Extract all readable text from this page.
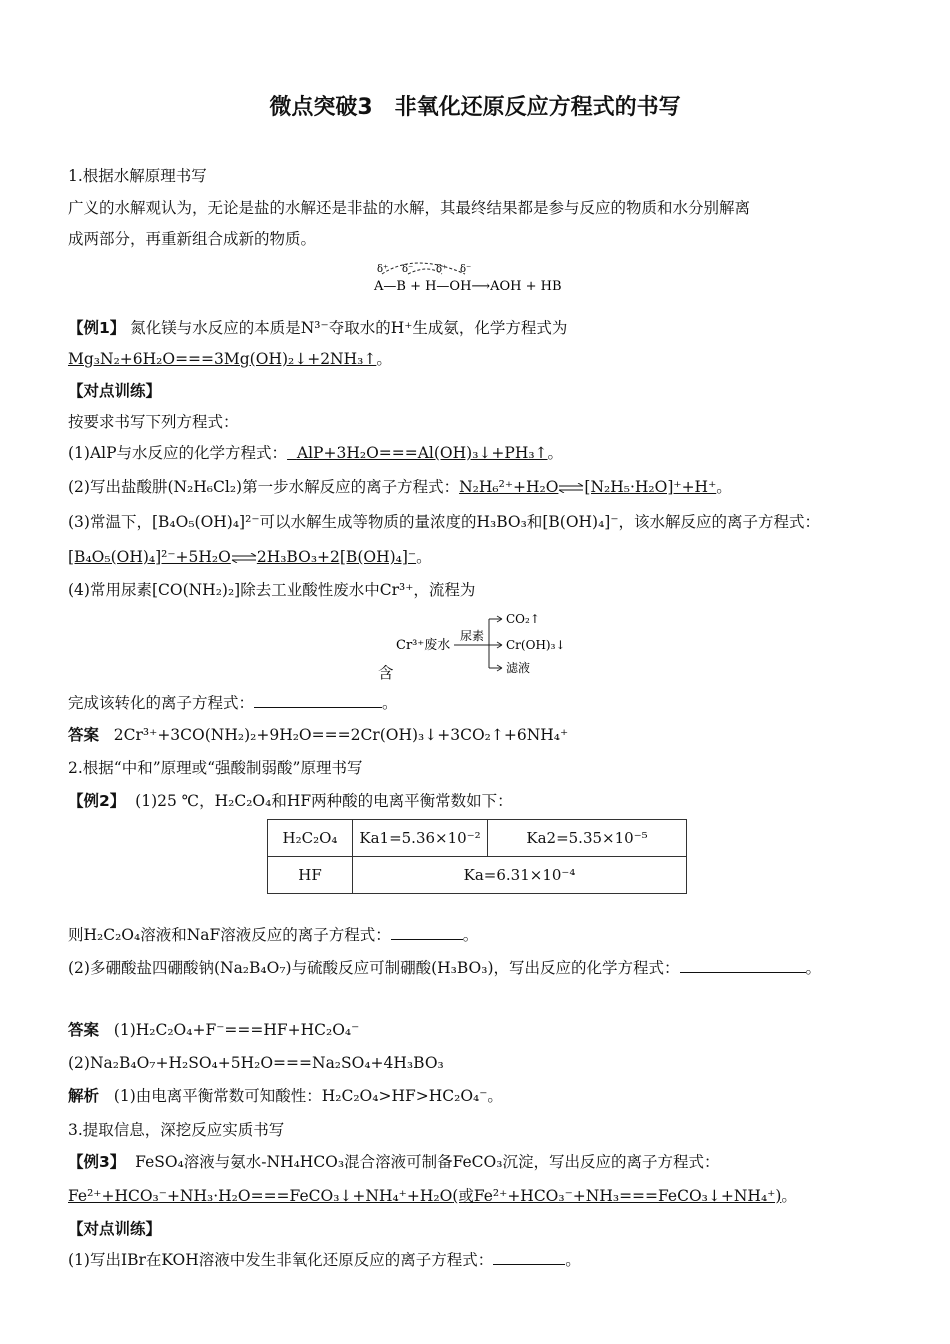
微点突破3　非氧化还原反应方程式的书写
1.根据水解原理书写
广义的水解观认为，无论是盐的水解还是非盐的水解，其最终结果都是参与反应的物质和水分别解离
成两部分，再重新组合成新的物质。
δ⁺ δ⁻ δ⁺ δ⁻
A—B + H—OH⟶AOH + HB
【例1】 氮化镁与水反应的本质是N³⁻夺取水的H⁺生成氨，化学方程式为
Mg₃N₂+6H₂O===3Mg(OH)₂↓+2NH₃↑。
【对点训练】
按要求书写下列方程式：
(1)AlP与水反应的化学方程式： AlP+3H₂O===Al(OH)₃↓+PH₃↑。
(2)写出盐酸肼(N₂H₆Cl₂)第一步水解反应的离子方程式：N₂H₆²⁺+H₂O⇌[N₂H₅·H₂O]⁺+H⁺。
(3)常温下，[B₄O₅(OH)₄]²⁻可以水解生成等物质的量浓度的H₃BO₃和[B(OH)₄]⁻，该水解反应的离子方程式：
[B₄O₅(OH)₄]²⁻+5H₂O⇌2H₃BO₃+2[B(OH)₄]⁻。
(4)常用尿素[CO(NH₂)₂]除去工业酸性废水中Cr³⁺，流程为
Cr³⁺废水
尿素
CO₂↑
Cr(OH)₃↓
滤液
含
完成该转化的离子方程式：	。
答案 2Cr³⁺+3CO(NH₂)₂+9H₂O===2Cr(OH)₃↓+3CO₂↑+6NH₄⁺
2.根据“中和”原理或“强酸制弱酸”原理书写
【例2】 (1)25 ℃，H₂C₂O₄和HF两种酸的电离平衡常数如下：
H₂C₂O₄	Ka1=5.36×10⁻²	Ka2=5.35×10⁻⁵
HF	Ka=6.31×10⁻⁴	
则H₂C₂O₄溶液和NaF溶液反应的离子方程式：	。
(2)多硼酸盐四硼酸钠(Na₂B₄O₇)与硫酸反应可制硼酸(H₃BO₃)，写出反应的化学方程式：	。
答案 (1)H₂C₂O₄+F⁻===HF+HC₂O₄⁻
(2)Na₂B₄O₇+H₂SO₄+5H₂O===Na₂SO₄+4H₃BO₃
解析 (1)由电离平衡常数可知酸性：H₂C₂O₄>HF>HC₂O₄⁻。
3.提取信息，深挖反应实质书写
【例3】 FeSO₄溶液与氨水-NH₄HCO₃混合溶液可制备FeCO₃沉淀，写出反应的离子方程式：
Fe²⁺+HCO₃⁻+NH₃·H₂O===FeCO₃↓+NH₄⁺+H₂O(或Fe²⁺+HCO₃⁻+NH₃===FeCO₃↓+NH₄⁺)。
【对点训练】
(1)写出IBr在KOH溶液中发生非氧化还原反应的离子方程式：	。
